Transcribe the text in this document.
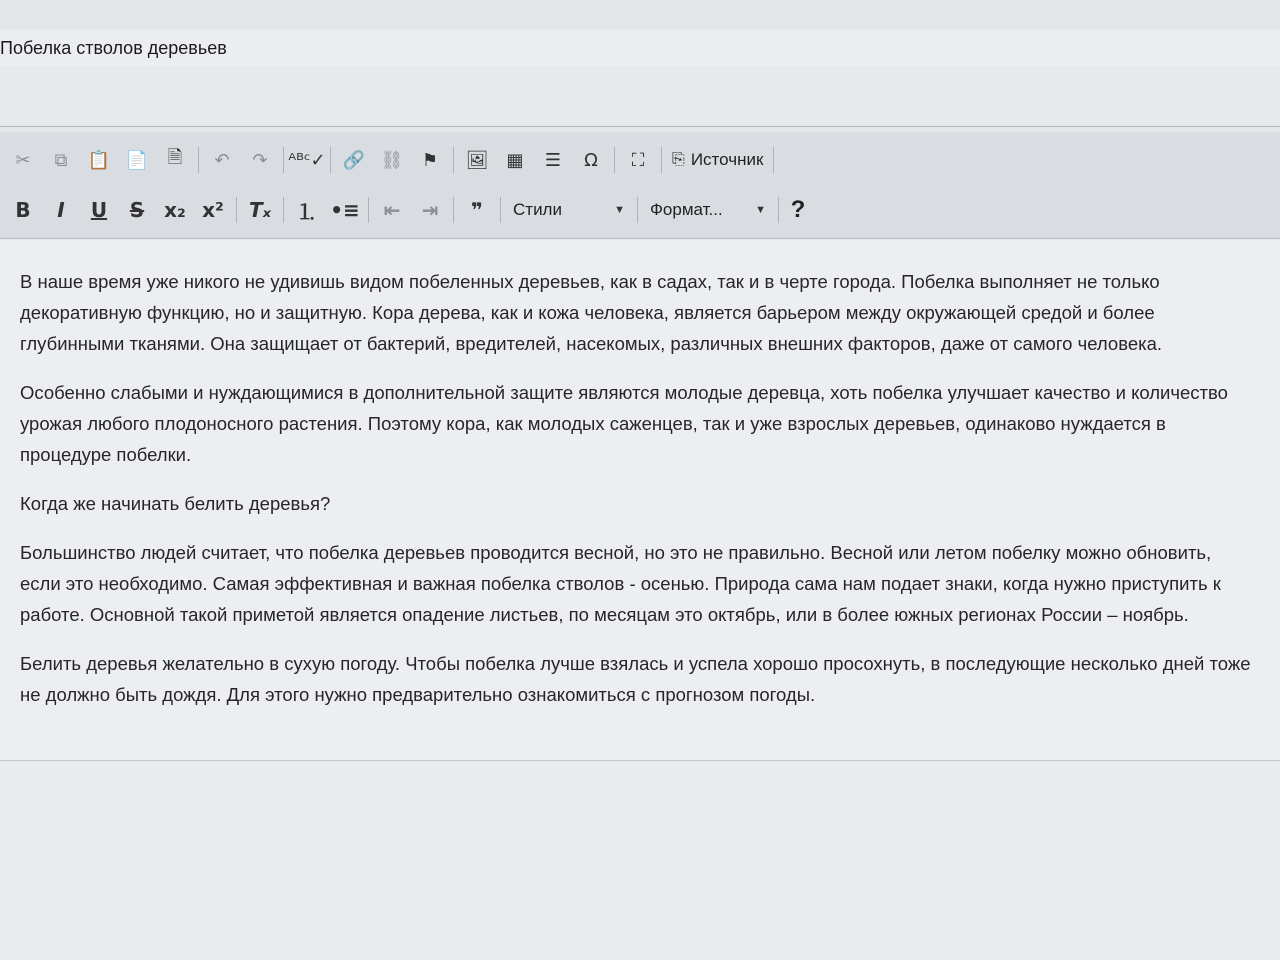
Побелка стволов деревьев
✂ ⧉ 📋 📄 🗎 ↶ ↷ ᴬᴮᶜ✓ 🔗 ⛓ ⚑ 🖼 ▦ ☰ Ω ⛶ ⎘ Источник
B I U S x₂ x² Tₓ ⒈ •≡ ⇤ ⇥ ❞ Стили	▼ Формат...	▼	?

В наше время уже никого не удивишь видом побеленных деревьев, как в садах, так и в черте города. Побелка выполняет не только декоративную функцию, но и защитную. Кора дерева, как и кожа человека, является барьером между окружающей средой и более глубинными тканями. Она защищает от бактерий, вредителей, насекомых, различных внешних факторов, даже от самого человека.

Особенно слабыми и нуждающимися в дополнительной защите являются молодые деревца, хоть побелка улучшает качество и количество урожая любого плодоносного растения. Поэтому кора, как молодых саженцев, так и уже взрослых деревьев, одинаково нуждается в процедуре побелки.

Когда же начинать белить деревья?

Большинство людей считает, что побелка деревьев проводится весной, но это не правильно. Весной или летом побелку можно обновить, если это необходимо. Самая эффективная и важная побелка стволов - осенью. Природа сама нам подает знаки, когда нужно приступить к работе. Основной такой приметой является опадение листьев, по месяцам это октябрь, или в более южных регионах России – ноябрь.

Белить деревья желательно в сухую погоду. Чтобы побелка лучше взялась и успела хорошо просохнуть, в последующие несколько дней тоже не должно быть дождя. Для этого нужно предварительно ознакомиться с прогнозом погоды.
